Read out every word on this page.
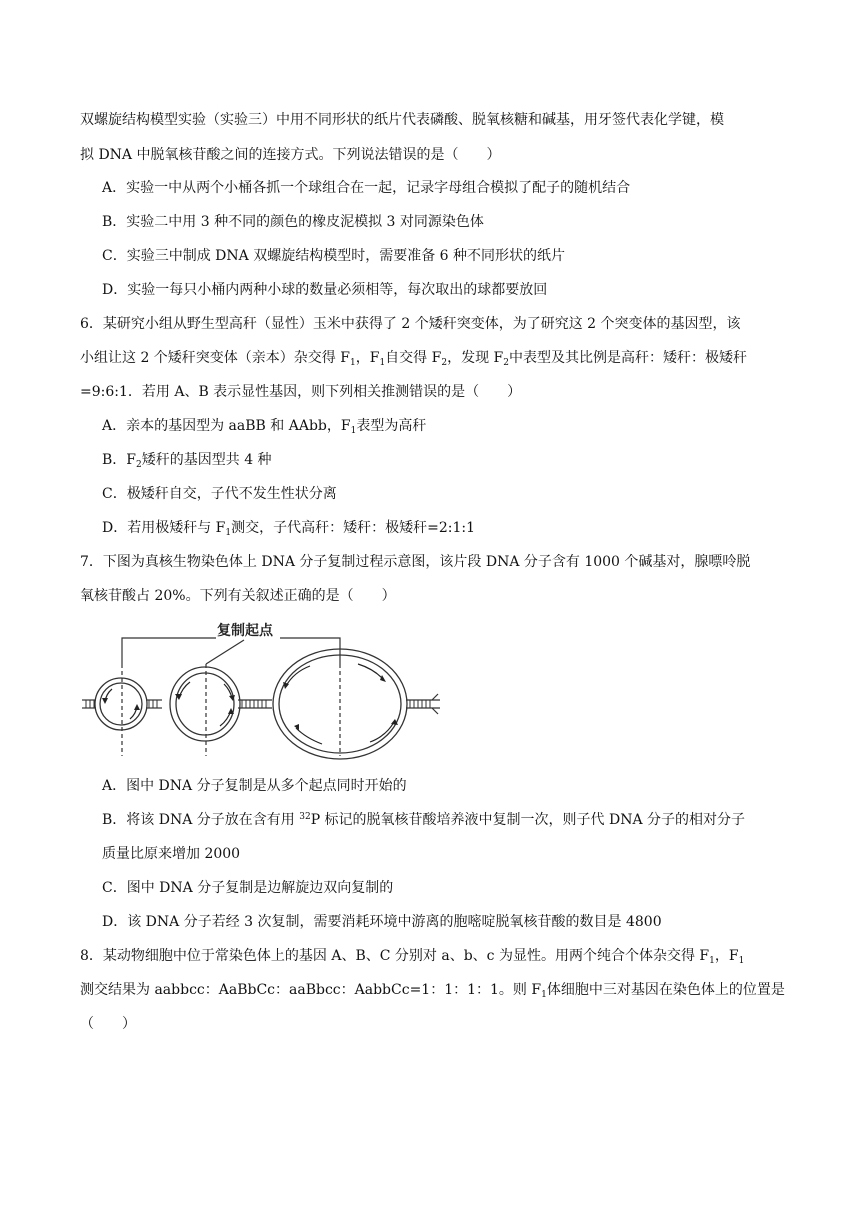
双螺旋结构模型实验（实验三）中用不同形状的纸片代表磷酸、脱氧核糖和碱基，用牙签代表化学键，模
拟 DNA 中脱氧核苷酸之间的连接方式。下列说法错误的是（　　）
A．实验一中从两个小桶各抓一个球组合在一起，记录字母组合模拟了配子的随机结合
B．实验二中用 3 种不同的颜色的橡皮泥模拟 3 对同源染色体
C．实验三中制成 DNA 双螺旋结构模型时，需要准备 6 种不同形状的纸片
D．实验一每只小桶内两种小球的数量必须相等，每次取出的球都要放回
6．某研究小组从野生型高秆（显性）玉米中获得了 2 个矮秆突变体，为了研究这 2 个突变体的基因型，该
小组让这 2 个矮秆突变体（亲本）杂交得 $F_1$，$F_1$自交得 $F_2$，发现 $F_2$中表型及其比例是高秆：矮秆：极矮秆
=9:6:1．若用 A、B 表示显性基因，则下列相关推测错误的是（　　）
A．亲本的基因型为 aaBB 和 AAbb，$F_1$表型为高秆
B．$F_2$矮秆的基因型共 4 种
C．极矮秆自交，子代不发生性状分离
D．若用极矮秆与 $F_1$测交，子代高秆：矮秆：极矮秆=2:1:1
7．下图为真核生物染色体上 DNA 分子复制过程示意图，该片段 DNA 分子含有 1000 个碱基对，腺嘌呤脱
氧核苷酸占 20%。下列有关叙述正确的是（　　）
复制起点
A．图中 DNA 分子复制是从多个起点同时开始的
B．将该 DNA 分子放在含有用 $^{32}$P 标记的脱氧核苷酸培养液中复制一次，则子代 DNA 分子的相对分子
质量比原来增加 2000
C．图中 DNA 分子复制是边解旋边双向复制的
D．该 DNA 分子若经 3 次复制，需要消耗环境中游离的胞嘧啶脱氧核苷酸的数目是 4800
8．某动物细胞中位于常染色体上的基因 A、B、C 分别对 a、b、c 为显性。用两个纯合个体杂交得 $F_1$，$F_1$
测交结果为 aabbcc：AaBbCc：aaBbcc：AabbCc=1：1：1：1。则 $F_1$体细胞中三对基因在染色体上的位置是
（　　）
